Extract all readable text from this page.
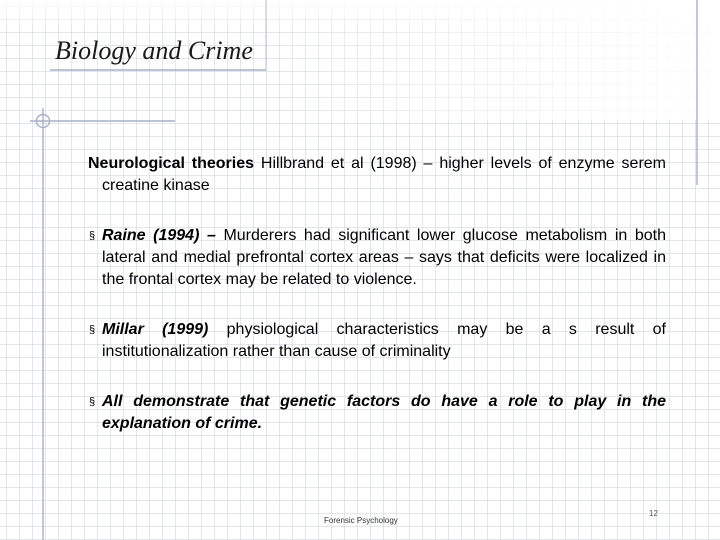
Biology and Crime

Neurological theories Hillbrand et al (1998) – higher levels of enzyme serem creatine kinase

§ Raine (1994) – Murderers had significant lower glucose metabolism in both lateral and medial prefrontal cortex areas – says that deficits were localized in the frontal cortex may be related to violence.

§ Millar (1999) physiological characteristics may be a s result of institutionalization rather than cause of criminality

§ All demonstrate that genetic factors do have a role to play in the explanation of crime.

Forensic Psychology
12
